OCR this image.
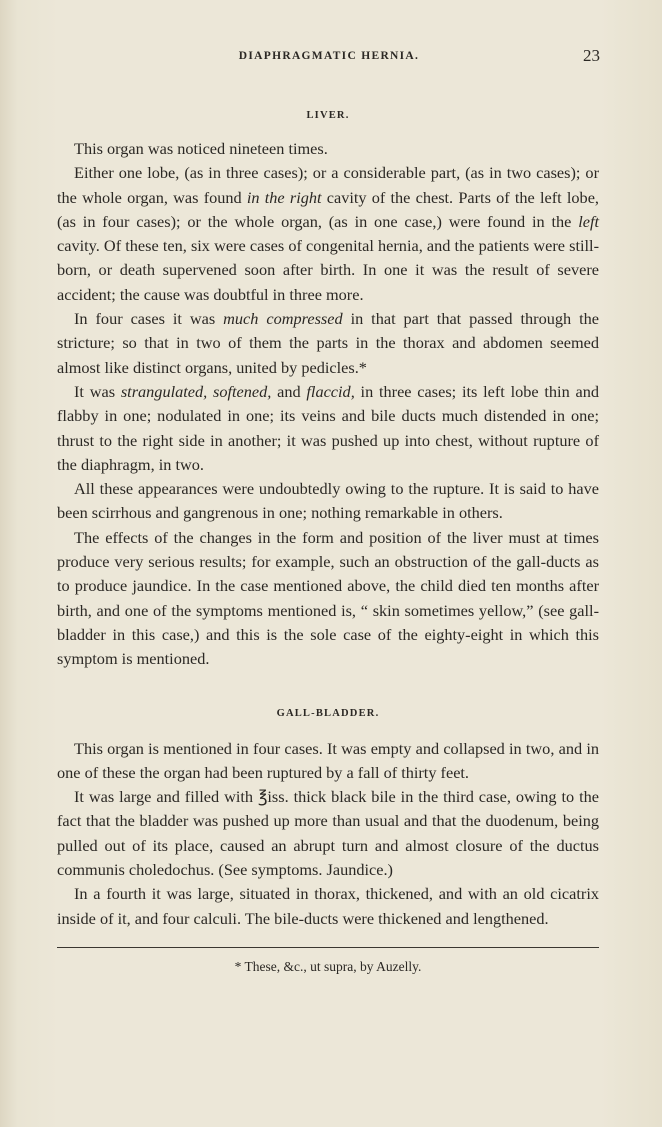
DIAPHRAGMATIC HERNIA.	23
LIVER.

This organ was noticed nineteen times.

Either one lobe, (as in three cases); or a considerable part, (as in two cases); or the whole organ, was found in the right cavity of the chest. Parts of the left lobe, (as in four cases); or the whole organ, (as in one case,) were found in the left cavity. Of these ten, six were cases of congenital hernia, and the patients were still-born, or death supervened soon after birth. In one it was the result of severe accident; the cause was doubtful in three more.

In four cases it was much compressed in that part that passed through the stricture; so that in two of them the parts in the thorax and abdomen seemed almost like distinct organs, united by pedicles.*

It was strangulated, softened, and flaccid, in three cases; its left lobe thin and flabby in one; nodulated in one; its veins and bile ducts much distended in one; thrust to the right side in another; it was pushed up into chest, without rupture of the diaphragm, in two.

All these appearances were undoubtedly owing to the rupture. It is said to have been scirrhous and gangrenous in one; nothing remarkable in others.

The effects of the changes in the form and position of the liver must at times produce very serious results; for example, such an obstruction of the gall-ducts as to produce jaundice. In the case mentioned above, the child died ten months after birth, and one of the symptoms mentioned is, “ skin sometimes yellow,” (see gall-bladder in this case,) and this is the sole case of the eighty-eight in which this symptom is mentioned.

GALL-BLADDER.

This organ is mentioned in four cases. It was empty and collapsed in two, and in one of these the organ had been ruptured by a fall of thirty feet.

It was large and filled with ℥iss. thick black bile in the third case, owing to the fact that the bladder was pushed up more than usual and that the duodenum, being pulled out of its place, caused an abrupt turn and almost closure of the ductus communis choledochus. (See symptoms. Jaundice.)

In a fourth it was large, situated in thorax, thickened, and with an old cicatrix inside of it, and four calculi. The bile-ducts were thickened and lengthened.

* These, &c., ut supra, by Auzelly.
